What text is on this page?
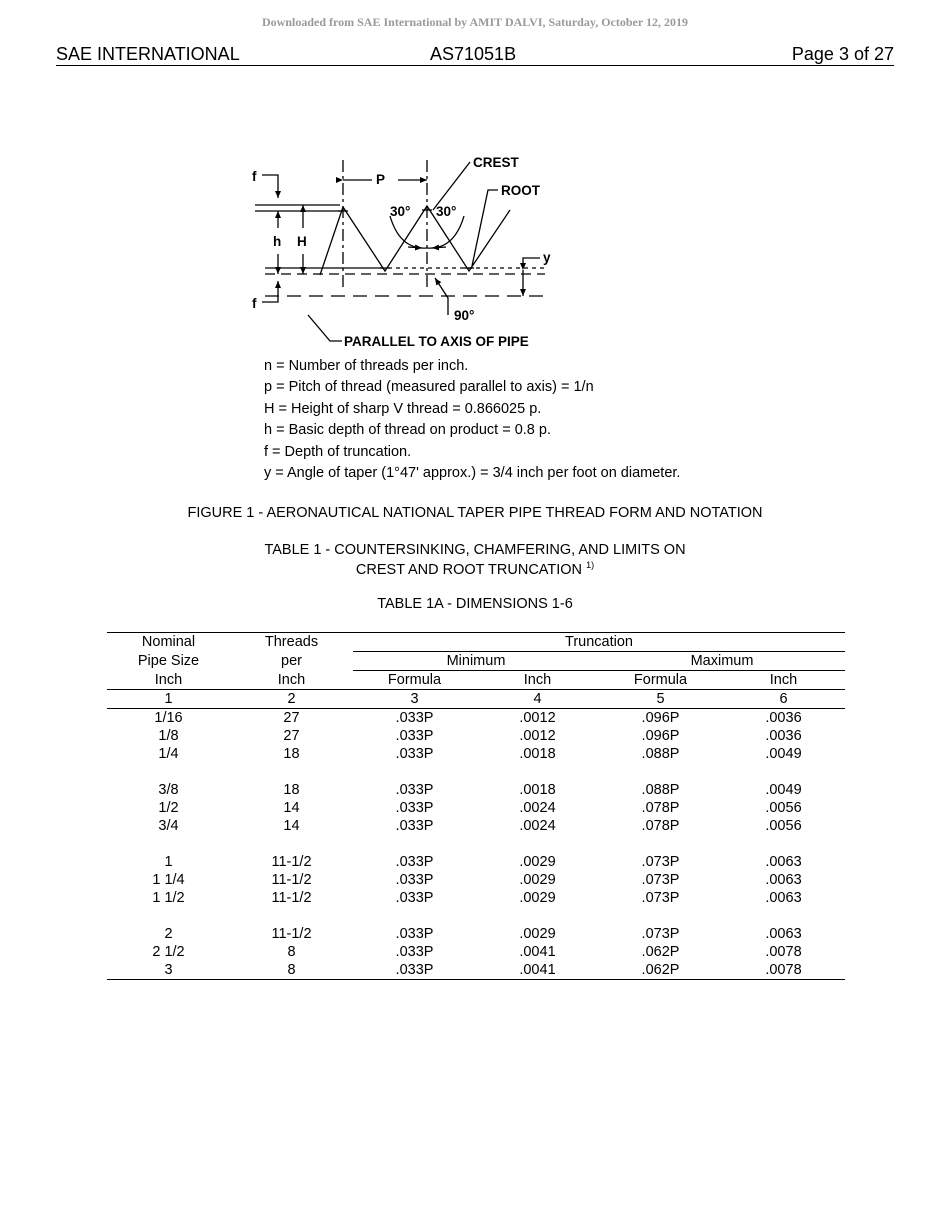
Downloaded from SAE International by AMIT DALVI, Saturday, October 12, 2019
SAE INTERNATIONAL	AS71051B	Page 3 of 27
f	P
CREST
ROOT
30° 30°
h H
y
f
90°
PARALLEL TO AXIS OF PIPE
n = Number of threads per inch.
p = Pitch of thread (measured parallel to axis) = 1/n
H = Height of sharp V thread = 0.866025 p.
h = Basic depth of thread on product = 0.8 p.
f = Depth of truncation.
y = Angle of taper (1°47' approx.) = 3/4 inch per foot on diameter.
FIGURE 1 - AERONAUTICAL NATIONAL TAPER PIPE THREAD FORM AND NOTATION
TABLE 1 - COUNTERSINKING, CHAMFERING, AND LIMITS ON
CREST AND ROOT TRUNCATION $^{1)}$
TABLE 1A - DIMENSIONS 1-6
Nominal	Threads	Truncation			
Pipe Size	per	Minimum		Maximum	
Inch	Inch	Formula	Inch	Formula	Inch
1	2	3	4	5	6
1/16	27	.033P	.0012	.096P	.0036
1/8	27	.033P	.0012	.096P	.0036
1/4	18	.033P	.0018	.088P	.0049
3/8	18	.033P	.0018	.088P	.0049
1/2	14	.033P	.0024	.078P	.0056
3/4	14	.033P	.0024	.078P	.0056
1	11-1/2	.033P	.0029	.073P	.0063
1 1/4	11-1/2	.033P	.0029	.073P	.0063
1 1/2	11-1/2	.033P	.0029	.073P	.0063
2	11-1/2	.033P	.0029	.073P	.0063
2 1/2	8	.033P	.0041	.062P	.0078
3	8	.033P	.0041	.062P	.0078
